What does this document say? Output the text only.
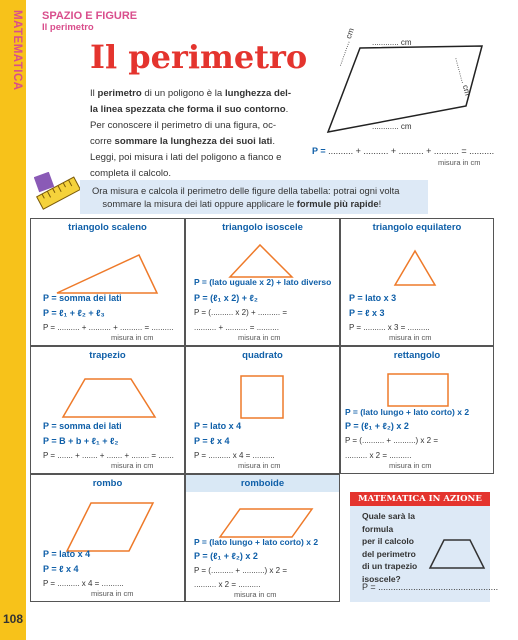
MATEMATICA
108
SPAZIO E FIGURE
Il perimetro
Il perimetro
Il perimetro di un poligono è la lunghezza del-
la linea spezzata che forma il suo contorno.
Per conoscere il perimetro di una figura, oc-
corre sommare la lunghezza dei suoi lati.
Leggi, poi misura i lati del poligono a fianco e
completa il calcolo.
............ cm
............ cm
............ cm
............ cm
P = .......... + .......... + .......... + .......... = ..........
misura in cm
Ora misura e calcola il perimetro delle figure della tabella: potrai ogni volta
sommare la misura dei lati oppure applicare le formule più rapide!
triangolo scaleno
P = somma dei lati
P = ℓ₁ + ℓ₂ + ℓ₃
P = .......... + .......... + .......... = ..........
misura in cm
triangolo isoscele
P = (lato uguale x 2) + lato diverso
P = (ℓ₁ x 2) + ℓ₂
P = (.......... x 2) + .......... =
.......... + .......... = ..........
misura in cm
triangolo equilatero
P = lato x 3
P = ℓ x 3
P = .......... x 3 = ..........
misura in cm
trapezio
P = somma dei lati
P = B + b + ℓ₁ + ℓ₂
P = ....... + ....... + ....... + ........ = .......
misura in cm
quadrato
P = lato x 4
P = ℓ x 4
P = .......... x 4 = ..........
misura in cm
rettangolo
P = (lato lungo + lato corto) x 2
P = (ℓ₁ + ℓ₂) x 2
P = (.......... + ..........) x 2 =
.......... x 2 = ..........
misura in cm
rombo
P = lato x 4
P = ℓ x 4
P = .......... x 4 = ..........
misura in cm
romboide
P = (lato lungo + lato corto) x 2
P = (ℓ₁ + ℓ₂) x 2
P = (.......... + ..........) x 2 =
.......... x 2 = ..........
misura in cm
MATEMATICA IN AZIONE
Quale sarà la formula
per il calcolo
del perimetro
di un trapezio
isoscele?
P = ................................................
